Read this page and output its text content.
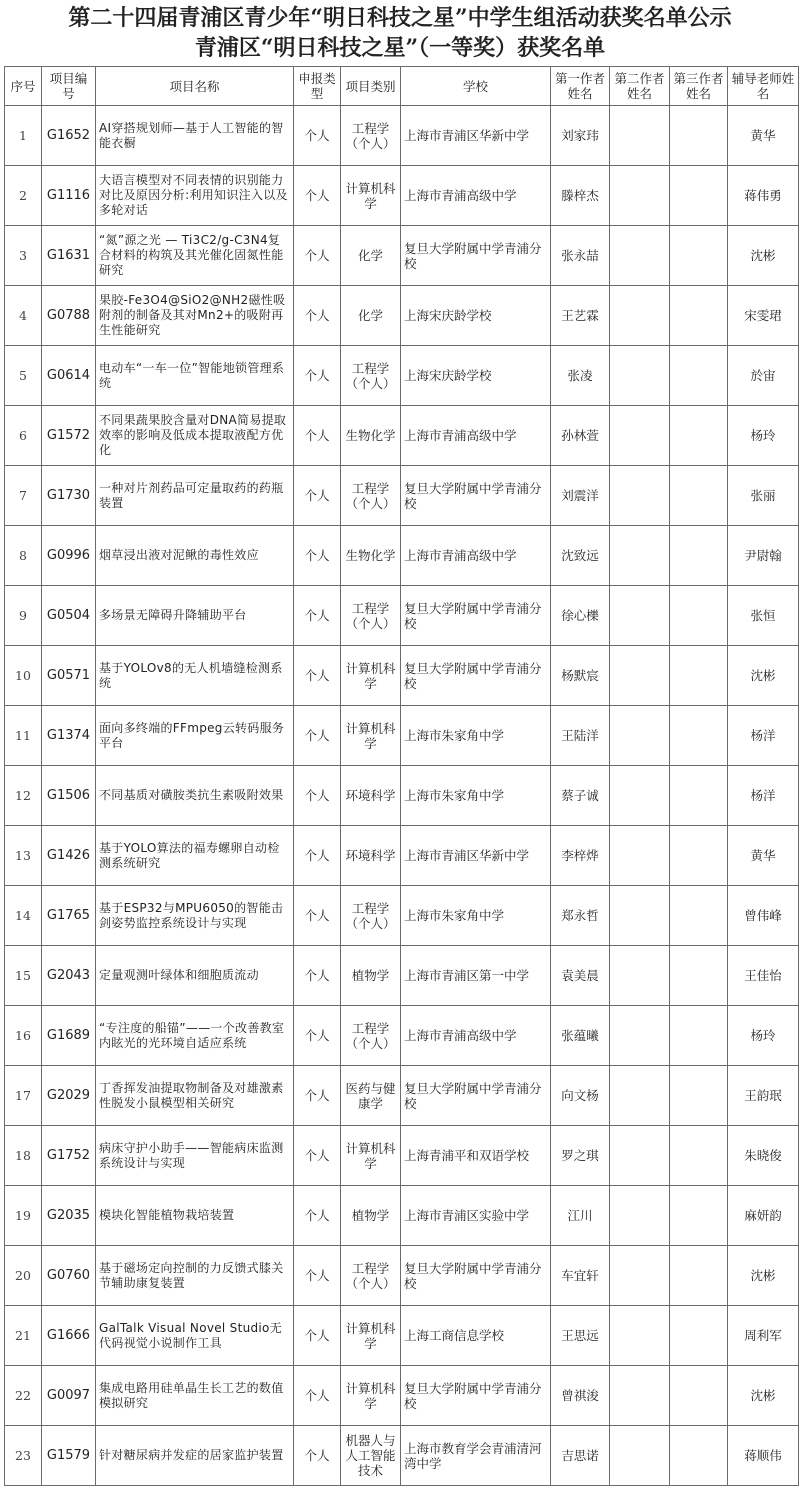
第二十四届青浦区青少年“明日科技之星”中学生组活动获奖名单公示
青浦区“明日科技之星”（一等奖）获奖名单
序号	项目编号	项目名称	申报类型	项目类别	学校	第一作者姓名	第二作者姓名	第三作者姓名	辅导老师姓名
1	G1652	AI穿搭规划师—基于人工智能的智能衣橱	个人	工程学（个人）	上海市青浦区华新中学	刘家玮			黄华
2	G1116	大语言模型对不同表情的识别能力对比及原因分析:利用知识注入以及多轮对话	个人	计算机科学	上海市青浦高级中学	滕梓杰			蒋伟勇
3	G1631	“氮”源之光 — Ti3C2/g-C3N4复合材料的构筑及其光催化固氮性能研究	个人	化学	复旦大学附属中学青浦分校	张永喆			沈彬
4	G0788	果胶-Fe3O4@SiO2@NH2磁性吸附剂的制备及其对Mn2+的吸附再生性能研究	个人	化学	上海宋庆龄学校	王艺霖			宋雯珺
5	G0614	电动车“一车一位”智能地锁管理系统	个人	工程学（个人）	上海宋庆龄学校	张凌			於宙
6	G1572	不同果蔬果胶含量对DNA简易提取效率的影响及低成本提取液配方优化	个人	生物化学	上海市青浦高级中学	孙林萱			杨玲
7	G1730	一种对片剂药品可定量取药的药瓶装置	个人	工程学（个人）	复旦大学附属中学青浦分校	刘震洋			张丽
8	G0996	烟草浸出液对泥鳅的毒性效应	个人	生物化学	上海市青浦高级中学	沈致远			尹尉翰
9	G0504	多场景无障碍升降辅助平台	个人	工程学（个人）	复旦大学附属中学青浦分校	徐心櫟			张恒
10	G0571	基于YOLOv8的无人机墙缝检测系统	个人	计算机科学	复旦大学附属中学青浦分校	杨默宸			沈彬
11	G1374	面向多终端的FFmpeg云转码服务平台	个人	计算机科学	上海市朱家角中学	王陆洋			杨洋
12	G1506	不同基质对磺胺类抗生素吸附效果	个人	环境科学	上海市朱家角中学	蔡子诚			杨洋
13	G1426	基于YOLO算法的福寿螺卵自动检测系统研究	个人	环境科学	上海市青浦区华新中学	李梓烨			黄华
14	G1765	基于ESP32与MPU6050的智能击剑姿势监控系统设计与实现	个人	工程学（个人）	上海市朱家角中学	郑永哲			曾伟峰
15	G2043	定量观测叶绿体和细胞质流动	个人	植物学	上海市青浦区第一中学	袁美晨			王佳怡
16	G1689	“专注度的船锚”——一个改善教室内眩光的光环境自适应系统	个人	工程学（个人）	上海市青浦高级中学	张蕴曦			杨玲
17	G2029	丁香挥发油提取物制备及对雄激素性脱发小鼠模型相关研究	个人	医药与健康学	复旦大学附属中学青浦分校	向文杨			王韵珉
18	G1752	病床守护小助手——智能病床监测系统设计与实现	个人	计算机科学	上海青浦平和双语学校	罗之琪			朱晓俊
19	G2035	模块化智能植物栽培装置	个人	植物学	上海市青浦区实验中学	江川			麻妍韵
20	G0760	基于磁场定向控制的力反馈式膝关节辅助康复装置	个人	工程学（个人）	复旦大学附属中学青浦分校	车宜轩			沈彬
21	G1666	GalTalk Visual Novel Studio无代码视觉小说制作工具	个人	计算机科学	上海工商信息学校	王思远			周利军
22	G0097	集成电路用硅单晶生长工艺的数值模拟研究	个人	计算机科学	复旦大学附属中学青浦分校	曾祺浚			沈彬
23	G1579	针对糖尿病并发症的居家监护装置	个人	机器人与人工智能技术	上海市教育学会青浦清河湾中学	吉思诺			蒋顺伟
